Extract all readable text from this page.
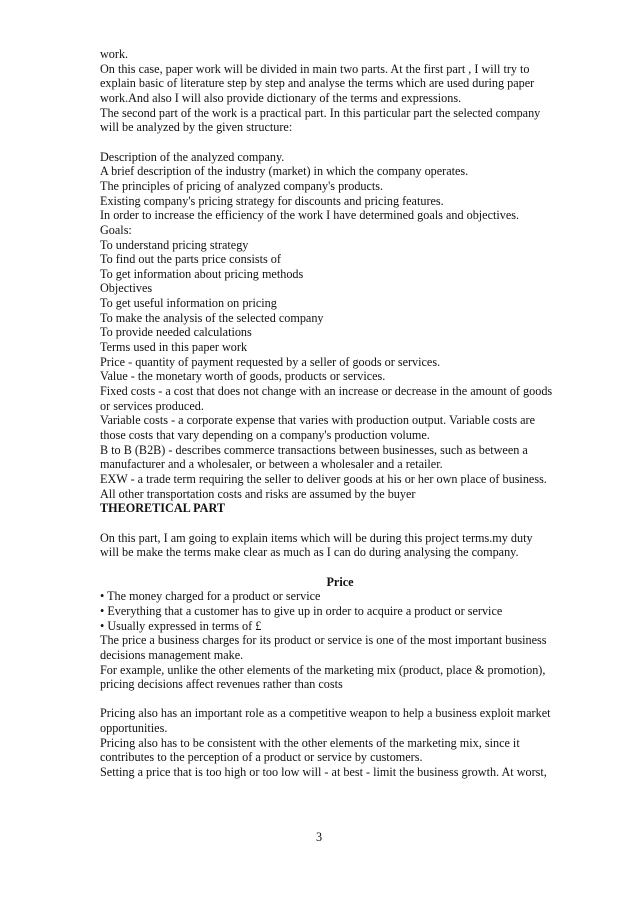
work.
On this case, paper work will be divided in main two parts. At the first part , I will try to
explain basic of literature step by step and analyse the terms which are used during paper
work.And also I will also provide dictionary of the terms and expressions.
The second part of the work is a practical part. In this particular part the selected company
will be analyzed by the given structure:
Description of the analyzed company.
A brief description of the industry (market) in which the company operates.
The principles of pricing of analyzed company's products.
Existing company's pricing strategy for discounts and pricing features.
In order to increase the efficiency of the work I have determined goals and objectives.
Goals:
To understand pricing strategy
To find out the parts price consists of
To get information about pricing methods
Objectives
To get useful information on pricing
To make the analysis of the selected company
To provide needed calculations
Terms used in this paper work
Price - quantity of payment requested by a seller of goods or services.
Value - the monetary worth of goods, products or services.
Fixed costs - a cost that does not change with an increase or decrease in the amount of goods
or services produced.
Variable costs - a corporate expense that varies with production output. Variable costs are
those costs that vary depending on a company's production volume.
B to B (B2B) - describes commerce transactions between businesses, such as between a
manufacturer and a wholesaler, or between a wholesaler and a retailer.
EXW - a trade term requiring the seller to deliver goods at his or her own place of business.
All other transportation costs and risks are assumed by the buyer
THEORETICAL PART
On this part, I am going to explain items which will be during this project terms.my duty
will be make the terms make clear as much as I can do during analysing the company.
Price
• The money charged for a product or service
• Everything that a customer has to give up in order to acquire a product or service
• Usually expressed in terms of £
The price a business charges for its product or service is one of the most important business
decisions management make.
For example, unlike the other elements of the marketing mix (product, place & promotion),
pricing decisions affect revenues rather than costs
Pricing also has an important role as a competitive weapon to help a business exploit market
opportunities.
Pricing also has to be consistent with the other elements of the marketing mix, since it
contributes to the perception of a product or service by customers.
Setting a price that is too high or too low will - at best - limit the business growth. At worst,
3
